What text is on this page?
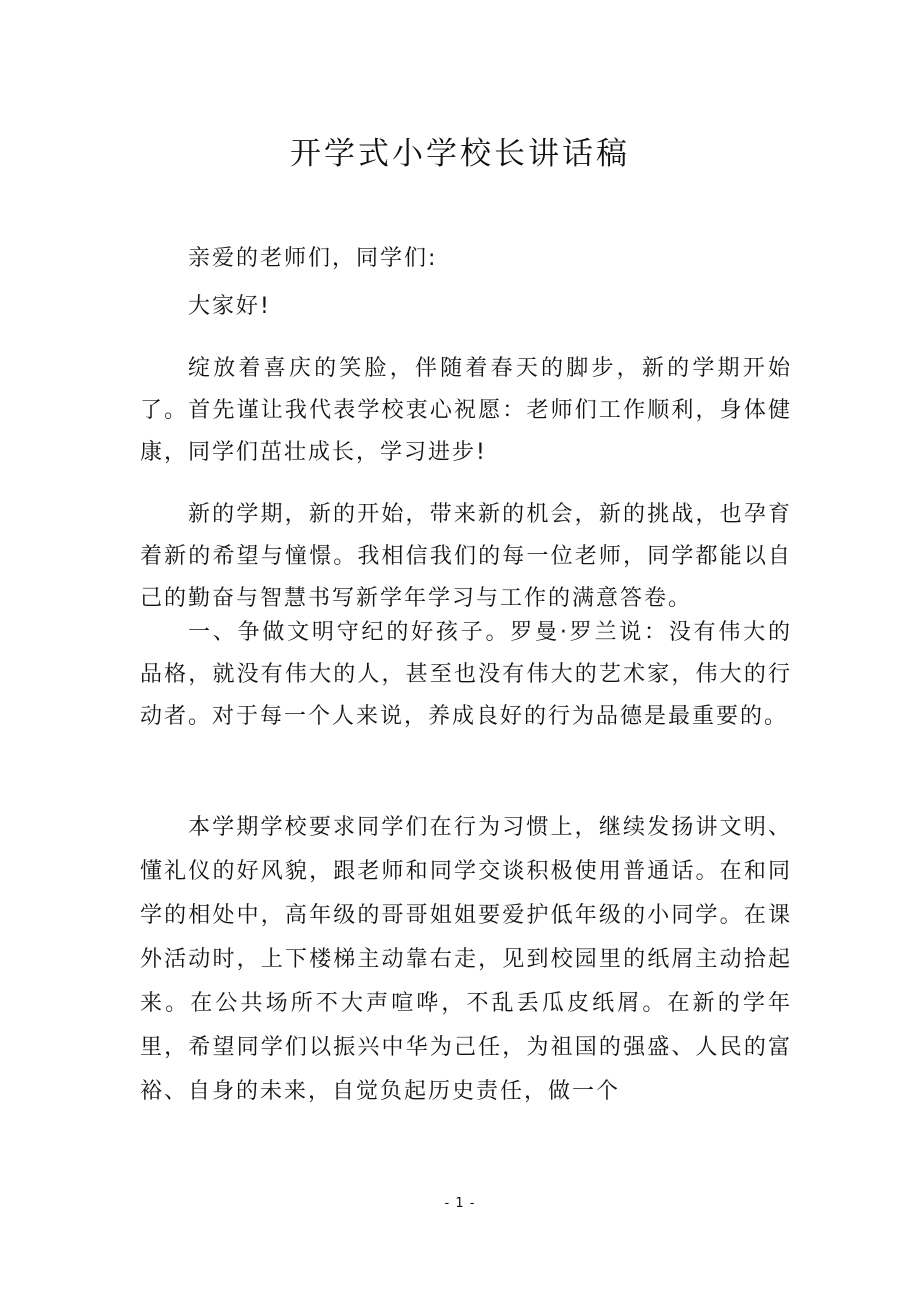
开学式小学校长讲话稿

亲爱的老师们，同学们:

大家好!

绽放着喜庆的笑脸，伴随着春天的脚步，新的学期开始了。首先谨让我代表学校衷心祝愿：老师们工作顺利，身体健康，同学们茁壮成长，学习进步!

新的学期，新的开始，带来新的机会，新的挑战，也孕育着新的希望与憧憬。我相信我们的每一位老师，同学都能以自己的勤奋与智慧书写新学年学习与工作的满意答卷。

一、争做文明守纪的好孩子。罗曼·罗兰说：没有伟大的品格，就没有伟大的人，甚至也没有伟大的艺术家，伟大的行动者。对于每一个人来说，养成良好的行为品德是最重要的。

本学期学校要求同学们在行为习惯上，继续发扬讲文明、懂礼仪的好风貌，跟老师和同学交谈积极使用普通话。在和同学的相处中，高年级的哥哥姐姐要爱护低年级的小同学。在课外活动时，上下楼梯主动靠右走，见到校园里的纸屑主动拾起来。在公共场所不大声喧哗，不乱丢瓜皮纸屑。在新的学年里，希望同学们以振兴中华为己任，为祖国的强盛、人民的富裕、自身的未来，自觉负起历史责任，做一个

- 1 -
